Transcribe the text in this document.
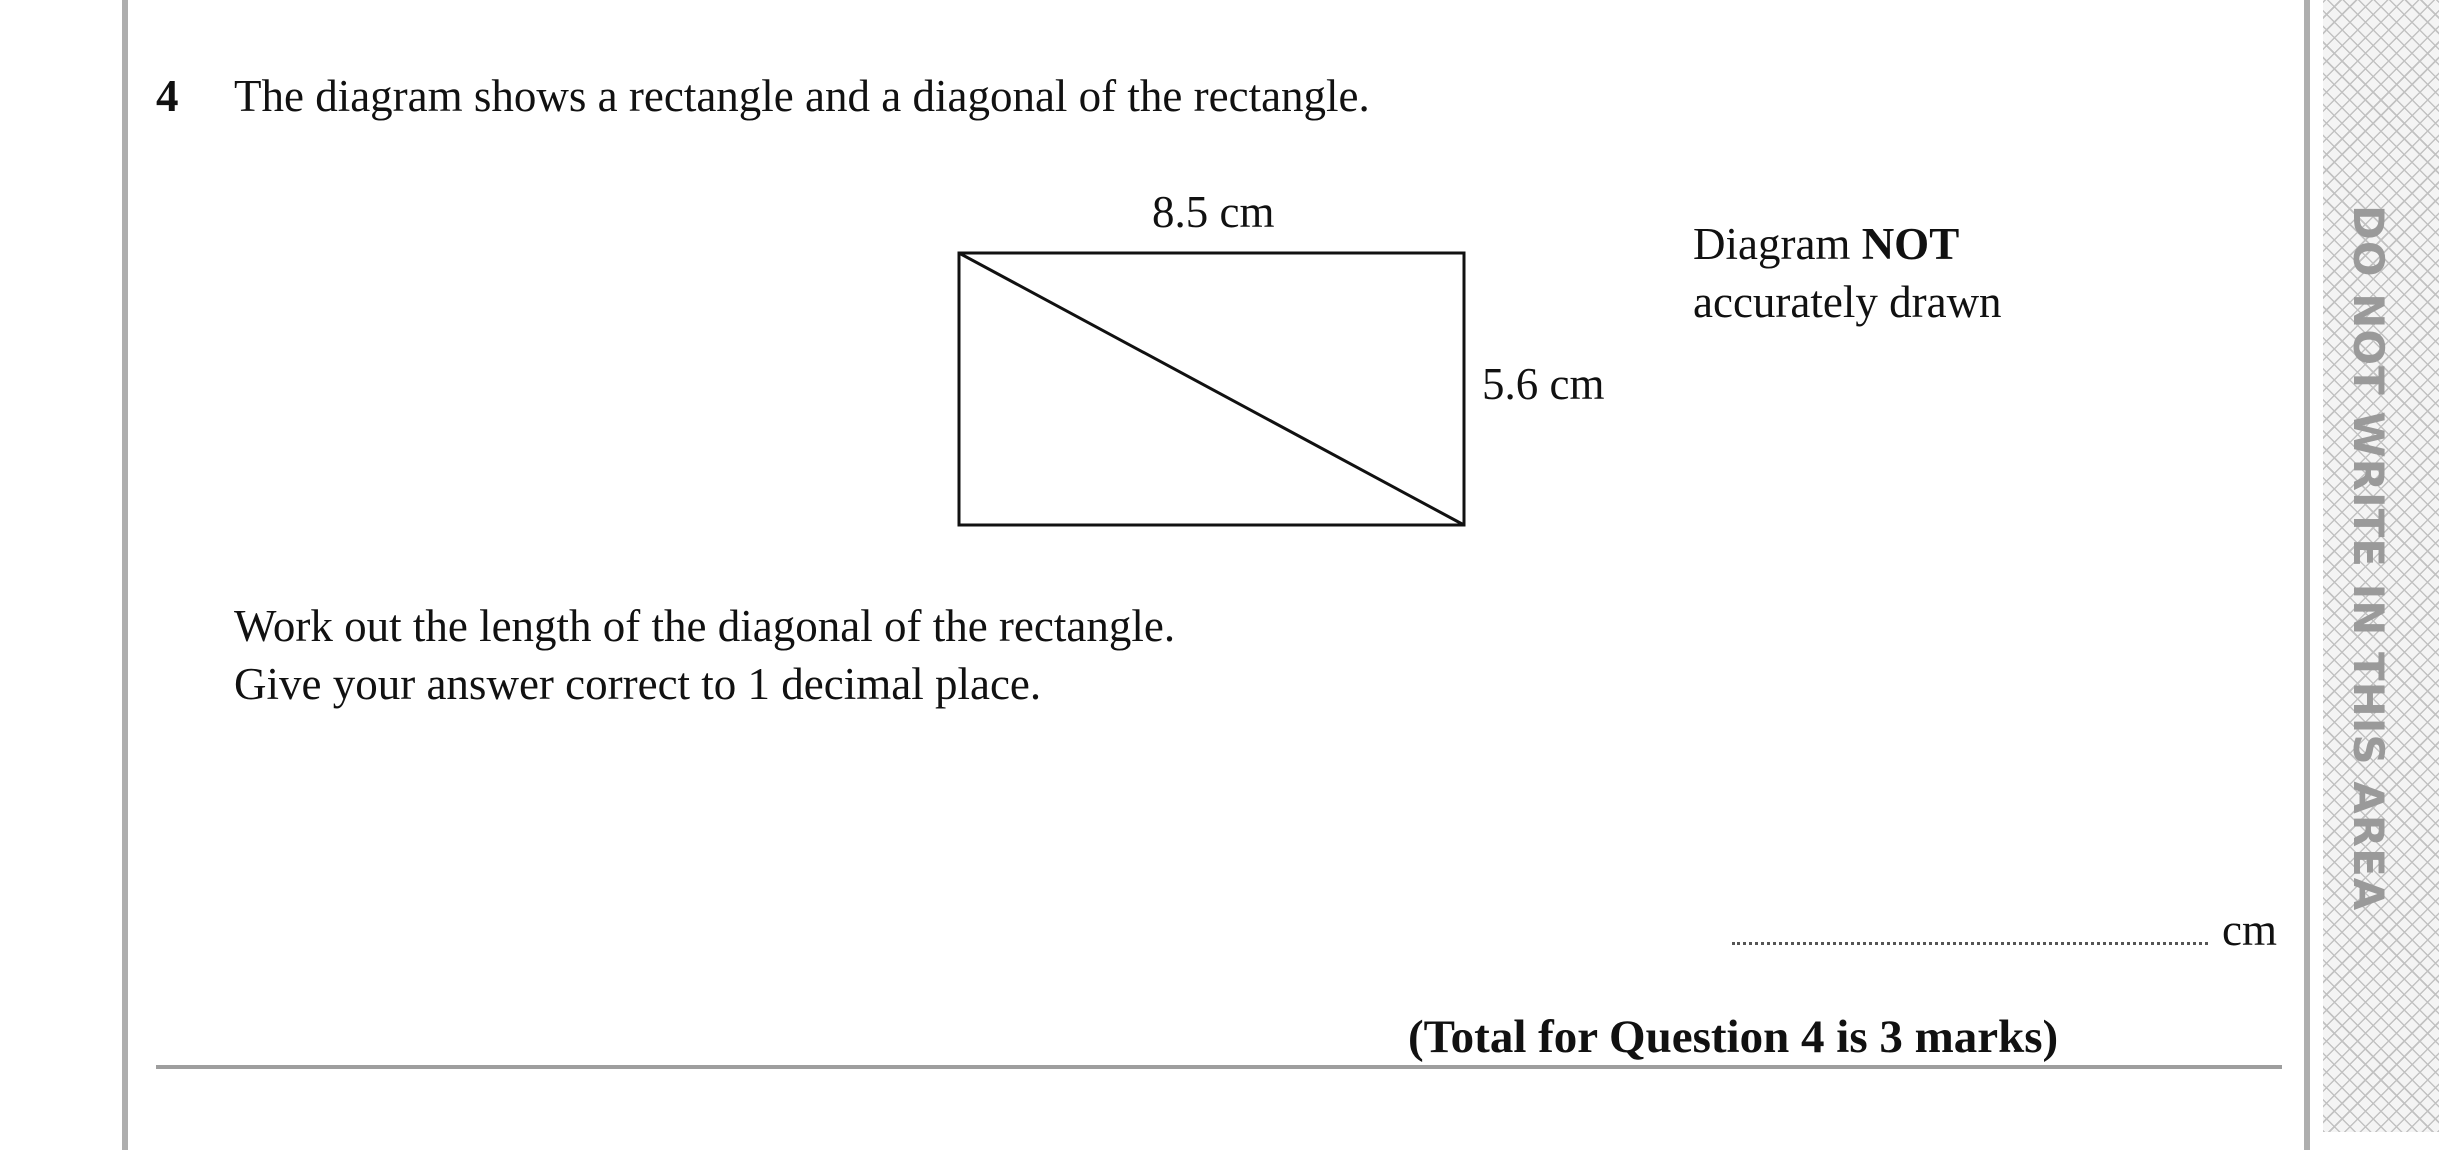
DO NOT WRITE IN THIS AREA
4 The diagram shows a rectangle and a diagonal of the rectangle.
8.5 cm
5.6 cm
Diagram NOT
accurately drawn
Work out the length of the diagonal of the rectangle.
Give your answer correct to 1 decimal place.
cm
(Total for Question 4 is 3 marks)
